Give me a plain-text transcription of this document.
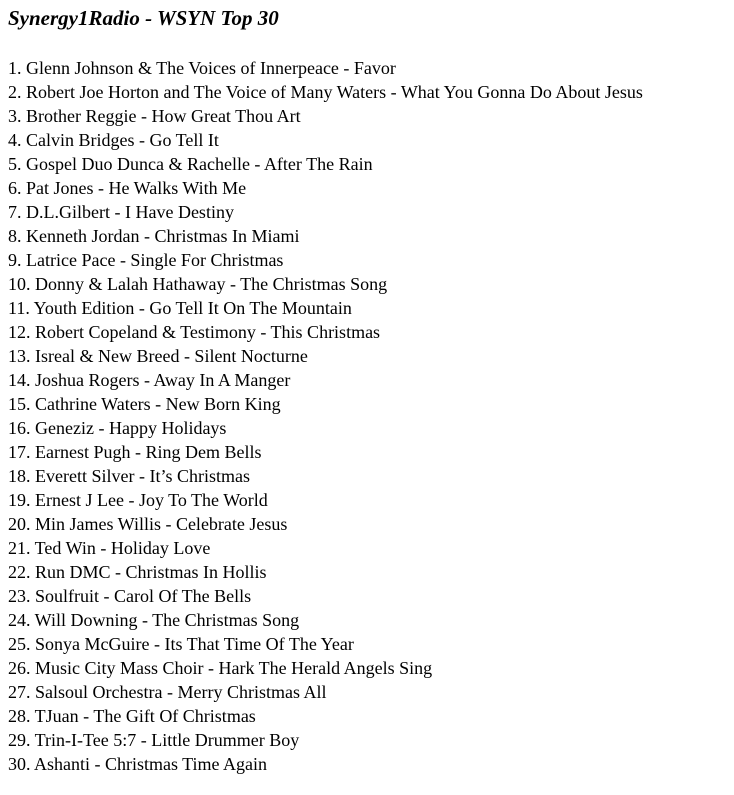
Synergy1Radio - WSYN Top 30
1. Glenn Johnson & The Voices of Innerpeace - Favor
2. Robert Joe Horton and The Voice of Many Waters - What You Gonna Do About Jesus
3. Brother Reggie - How Great Thou Art
4. Calvin Bridges - Go Tell It
5. Gospel Duo Dunca & Rachelle - After The Rain
6. Pat Jones - He Walks With Me
7. D.L.Gilbert - I Have Destiny
8. Kenneth Jordan - Christmas In Miami
9. Latrice Pace - Single For Christmas
10. Donny & Lalah Hathaway - The Christmas Song
11. Youth Edition - Go Tell It On The Mountain
12. Robert Copeland & Testimony - This Christmas
13. Isreal & New Breed - Silent Nocturne
14. Joshua Rogers - Away In A Manger
15. Cathrine Waters - New Born King
16. Geneziz - Happy Holidays
17. Earnest Pugh - Ring Dem Bells
18. Everett Silver - It’s Christmas
19. Ernest J Lee - Joy To The World
20. Min James Willis - Celebrate Jesus
21. Ted Win - Holiday Love
22. Run DMC - Christmas In Hollis
23. Soulfruit - Carol Of The Bells
24. Will Downing - The Christmas Song
25. Sonya McGuire - Its That Time Of The Year
26. Music City Mass Choir - Hark The Herald Angels Sing
27. Salsoul Orchestra - Merry Christmas All
28. TJuan - The Gift Of Christmas
29. Trin-I-Tee 5:7 - Little Drummer Boy
30. Ashanti - Christmas Time Again
